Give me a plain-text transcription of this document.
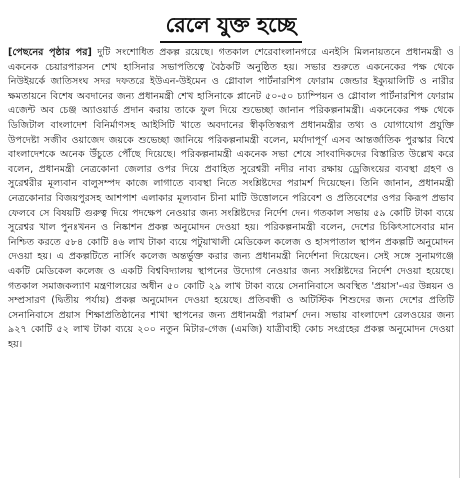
রেলে যুক্ত হচ্ছে

[পেছনের পৃষ্ঠার পর] দুটি সংশোধিত প্রকল্প রয়েছে। গতকাল শেরেবাংলানগরে এনইসি মিলনায়তনে প্রধানমন্ত্রী ও একনেক চেয়ারপারসন শেখ হাসিনার সভাপতিত্বে বৈঠকটি অনুষ্ঠিত হয়। সভার শুরুতে একনেকের পক্ষ থেকে নিউইয়র্কে জাতিসংঘ সদর দফতরে ইউএন-উইমেন ও গ্লোবাল পার্টনারশিপ ফোরাম জেন্ডার ইক্যুয়ালিটি ও নারীর ক্ষমতায়নে বিশেষ অবদানের জন্য প্রধানমন্ত্রী শেখ হাসিনাকে প্লানেট ৫০-৫০ চ্যাম্পিয়ন ও গ্লোবাল পার্টনারশিপ ফোরাম এজেন্ট অব চেঞ্জ অ্যাওয়ার্ড প্রদান করায় তাকে ফুল দিয়ে শুভেচ্ছা জানান পরিকল্পনামন্ত্রী। একনেকের পক্ষ থেকে ডিজিটাল বাংলাদেশ বিনির্মাণসহ আইসিটি খাতে অবদানের স্বীকৃতিস্বরূপ প্রধানমন্ত্রীর তথ্য ও যোগাযোগ প্রযুক্তি উপদেষ্টা সজীব ওয়াজেদ জয়কে শুভেচ্ছা জানিয়ে পরিকল্পনামন্ত্রী বলেন, মর্যাদাপূর্ণ এসব আন্তর্জাতিক পুরস্কার বিশ্বে বাংলাদেশকে অনেক উঁচুতে পৌঁছে দিয়েছে। পরিকল্পনামন্ত্রী একনেক সভা শেষে সাংবাদিকদের বিস্তারিত উল্লেখ করে বলেন, প্রধানমন্ত্রী নেত্রকোনা জেলার ওপর দিয়ে প্রবাহিত সুরেশ্বরী নদীর নাব্য রক্ষায় ড্রেজিংয়ের ব্যবস্থা গ্রহণ ও সুরেশ্বরীর মূল্যবান বালুসম্পদ কাজে লাগাতে ব্যবস্থা নিতে সংশ্লিষ্টদের পরামর্শ দিয়েছেন। তিনি জানান, প্রধানমন্ত্রী নেত্রকোনার বিজয়পুরসহ আশপাশ এলাকার মূল্যবান চীনা মাটি উত্তোলনে পরিবেশ ও প্রতিবেশের ওপর কিরূপ প্রভাব ফেলবে সে বিষয়টি গুরুত্ব দিয়ে পদক্ষেপ নেওয়ার জন্য সংশ্লিষ্টদের নির্দেশ দেন। গতকাল সভায় ৫৯ কোটি টাকা ব্যয়ে সুরেশ্বর খাল পুনঃখনন ও নিষ্কাশন প্রকল্প অনুমোদন দেওয়া হয়। পরিকল্পনামন্ত্রী বলেন, দেশের চিকিৎসাসেবার মান নিশ্চিত করতে ৫৮৪ কোটি ৪৬ লাখ টাকা ব্যয়ে পটুয়াখালী মেডিকেল কলেজ ও হাসপাতাল স্থাপন প্রকল্পটি অনুমোদন দেওয়া হয়। এ প্রকল্পটিতে নার্সিং কলেজ অন্তর্ভুক্ত করার জন্য প্রধানমন্ত্রী নির্দেশনা দিয়েছেন। সেই সঙ্গে সুনামগঞ্জে একটি মেডিকেল কলেজ ও একটি বিশ্ববিদ্যালয় স্থাপনের উদ্যোগ নেওয়ার জন্য সংশ্লিষ্টদের নির্দেশ দেওয়া হয়েছে। গতকাল সমাজকল্যাণ মন্ত্রণালয়ের অধীন ৫০ কোটি ২৯ লাখ টাকা ব্যয়ে সেনানিবাসে অবস্থিত 'প্রয়াস'-এর উন্নয়ন ও সম্প্রসারণ (দ্বিতীয় পর্যায়) প্রকল্প অনুমোদন দেওয়া হয়েছে। প্রতিবন্ধী ও অটিস্টিক শিশুদের জন্য দেশের প্রতিটি সেনানিবাসে প্রয়াস শিক্ষাপ্রতিষ্ঠানের শাখা স্থাপনের জন্য প্রধানমন্ত্রী পরামর্শ দেন। সভায় বাংলাদেশ রেলওয়ের জন্য ৯২৭ কোটি ৫২ লাখ টাকা ব্যয়ে ২০০ নতুন মিটার-গেজ (এমজি) যাত্রীবাহী কোচ সংগ্রহের প্রকল্প অনুমোদন দেওয়া হয়।
